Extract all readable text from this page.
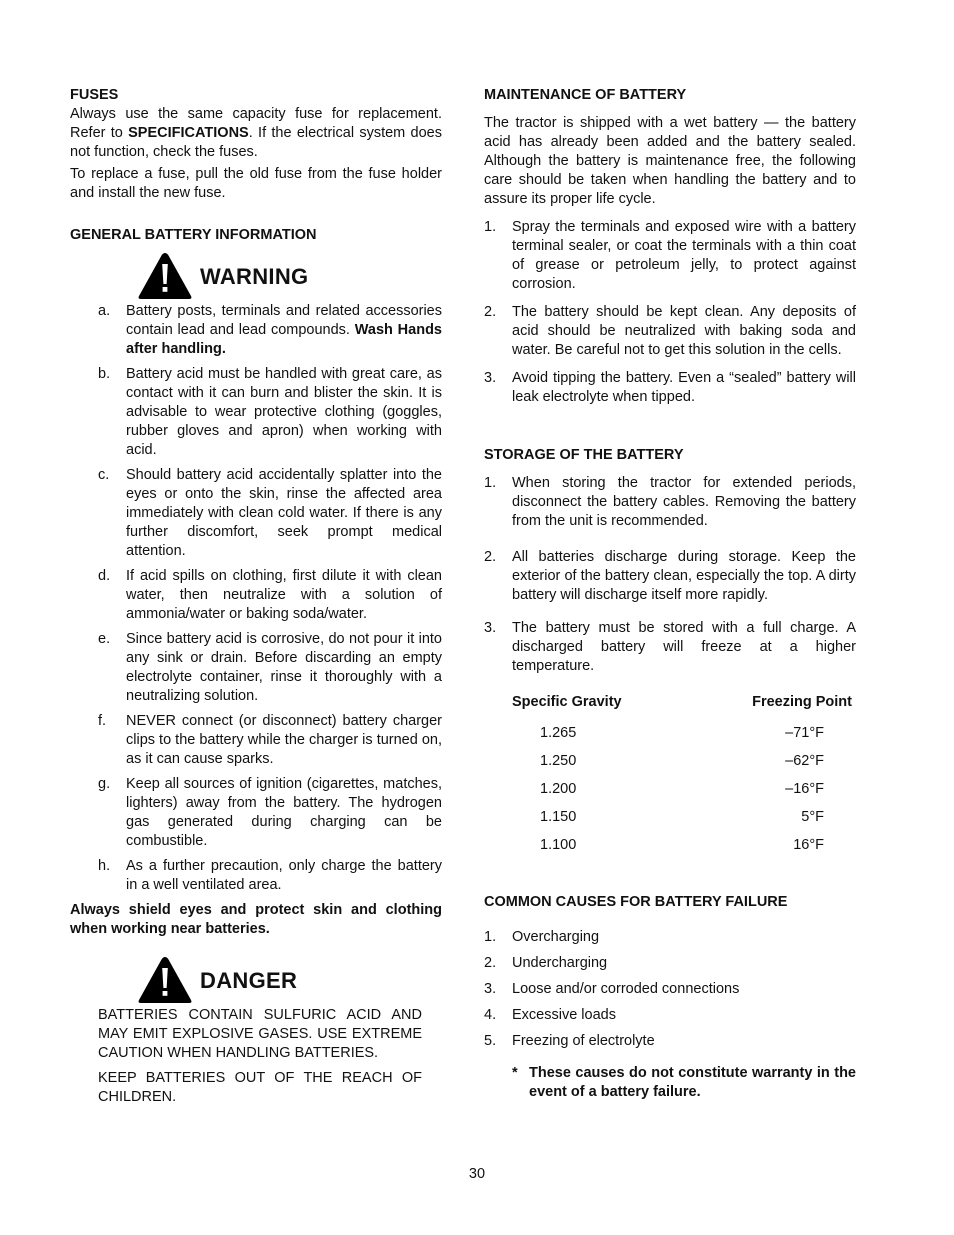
FUSES

Always use the same capacity fuse for replacement. Refer to SPECIFICATIONS. If the electrical system does not function, check the fuses.

To replace a fuse, pull the old fuse from the fuse holder and install the new fuse.

GENERAL BATTERY INFORMATION
WARNING
a.	Battery posts, terminals and related accessories contain lead and lead compounds. Wash Hands after handling.
b.	Battery acid must be handled with great care, as contact with it can burn and blister the skin. It is advisable to wear protective clothing (goggles, rubber gloves and apron) when working with acid.
c.	Should battery acid accidentally splatter into the eyes or onto the skin, rinse the affected area immediately with clean cold water. If there is any further discomfort, seek prompt medical attention.
d.	If acid spills on clothing, first dilute it with clean water, then neutralize with a solution of ammonia/water or baking soda/water.
e.	Since battery acid is corrosive, do not pour it into any sink or drain. Before discarding an empty electrolyte container, rinse it thoroughly with a neutralizing solution.
f.	NEVER connect (or disconnect) battery charger clips to the battery while the charger is turned on, as it can cause sparks.
g.	Keep all sources of ignition (cigarettes, matches, lighters) away from the battery. The hydrogen gas generated during charging can be combustible.
h.	As a further precaution, only charge the battery in a well ventilated area.

Always shield eyes and protect skin and clothing when working near batteries.

DANGER

BATTERIES CONTAIN SULFURIC ACID AND MAY EMIT EXPLOSIVE GASES. USE EXTREME CAUTION WHEN HANDLING BATTERIES.

KEEP BATTERIES OUT OF THE REACH OF CHILDREN.

MAINTENANCE OF BATTERY

The tractor is shipped with a wet battery — the battery acid has already been added and the battery sealed. Although the battery is maintenance free, the following care should be taken when handling the battery and to assure its proper life cycle.

1.	Spray the terminals and exposed wire with a battery terminal sealer, or coat the terminals with a thin coat of grease or petroleum jelly, to protect against corrosion.
2.	The battery should be kept clean. Any deposits of acid should be neutralized with baking soda and water. Be careful not to get this solution in the cells.
3.	Avoid tipping the battery. Even a “sealed” battery will leak electrolyte when tipped.
STORAGE OF THE BATTERY
1.	When storing the tractor for extended periods, disconnect the battery cables. Removing the battery from the unit is recommended.
2.	All batteries discharge during storage. Keep the exterior of the battery clean, especially the top. A dirty battery will discharge itself more rapidly.
3.	The battery must be stored with a full charge. A discharged battery will freeze at a higher temperature.
Specific Gravity	Freezing Point
1.265	–71°F
1.250	–62°F
1.200	–16°F
1.150	5°F
1.100	16°F
COMMON CAUSES FOR BATTERY FAILURE
1.	Overcharging
2.	Undercharging
3.	Loose and/or corroded connections
4.	Excessive loads
5.	Freezing of electrolyte
* These causes do not constitute warranty in the event of a battery failure.
30
